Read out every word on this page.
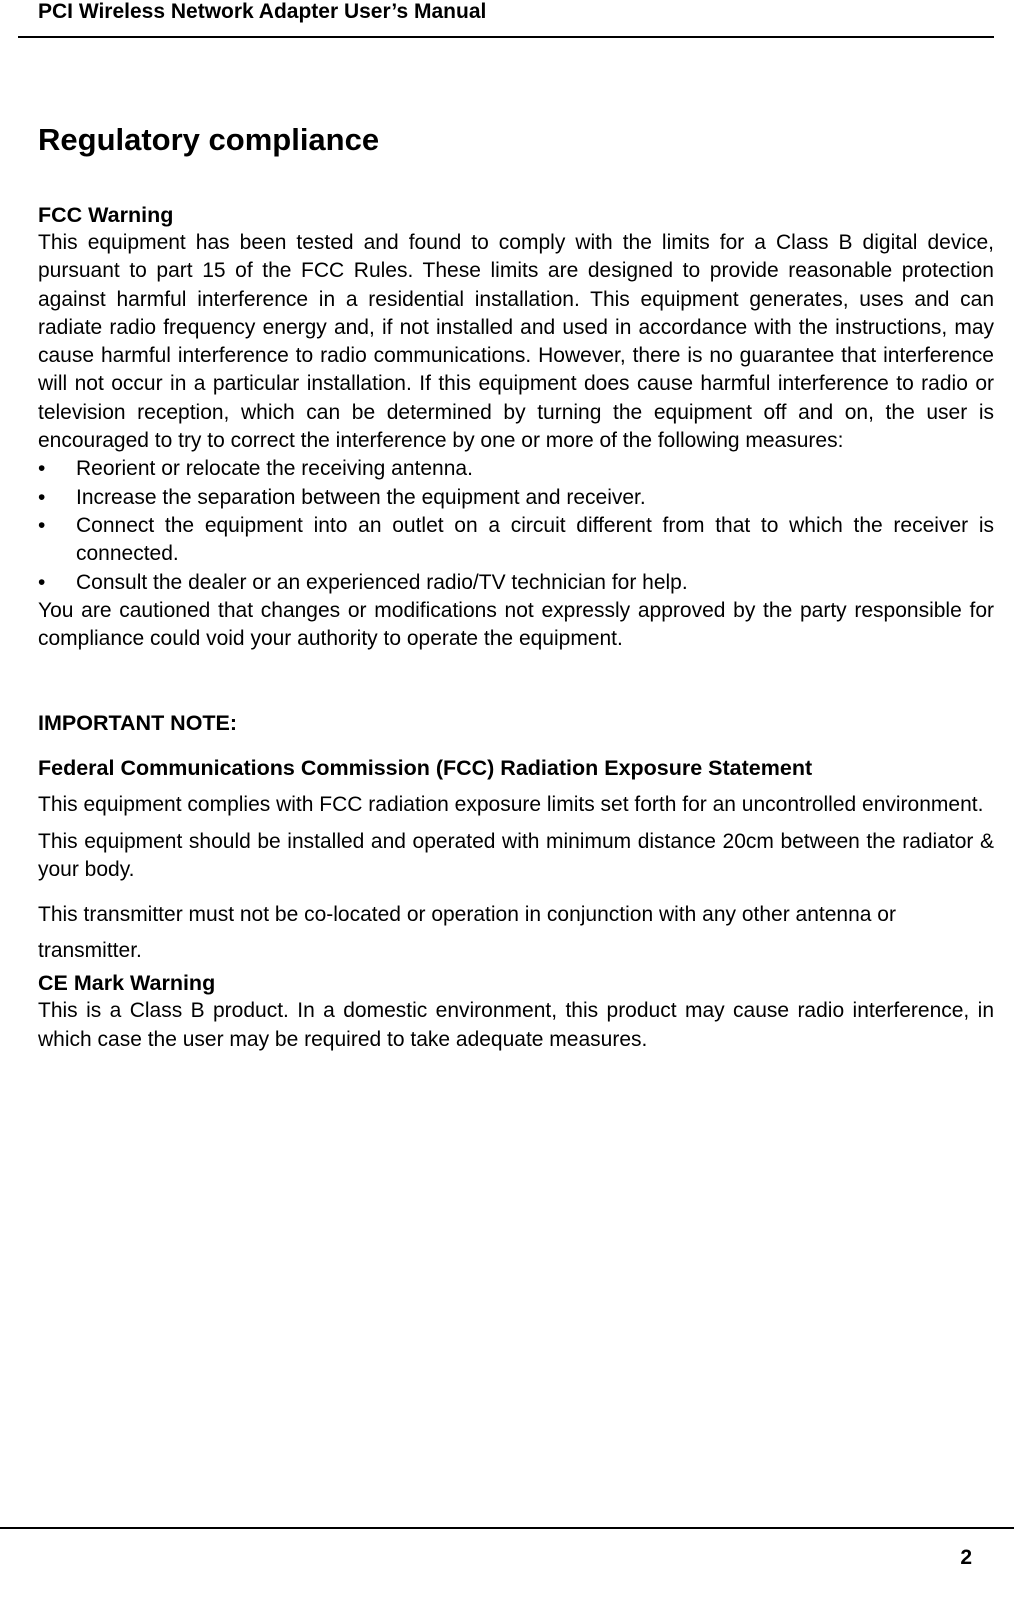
PCI Wireless Network Adapter User’s Manual
Regulatory compliance
FCC Warning

This equipment has been tested and found to comply with the limits for a Class B digital device, pursuant to part 15 of the FCC Rules. These limits are designed to provide reasonable protection against harmful interference in a residential installation. This equipment generates, uses and can radiate radio frequency energy and, if not installed and used in accordance with the instructions, may cause harmful interference to radio communications. However, there is no guarantee that interference will not occur in a particular installation. If this equipment does cause harmful interference to radio or television reception, which can be determined by turning the equipment off and on, the user is encouraged to try to correct the interference by one or more of the following measures:

•	Reorient or relocate the receiving antenna.
•	Increase the separation between the equipment and receiver.
•	Connect the equipment into an outlet on a circuit different from that to which the receiver is connected.
•	Consult the dealer or an experienced radio/TV technician for help.

You are cautioned that changes or modifications not expressly approved by the party responsible for compliance could void your authority to operate the equipment.

IMPORTANT NOTE:
Federal Communications Commission (FCC) Radiation Exposure Statement

This equipment complies with FCC radiation exposure limits set forth for an uncontrolled environment.

This equipment should be installed and operated with minimum distance 20cm between the radiator & your body.

This transmitter must not be co-located or operation in conjunction with any other antenna or transmitter.

CE Mark Warning

This is a Class B product. In a domestic environment, this product may cause radio interference, in which case the user may be required to take adequate measures.

2
